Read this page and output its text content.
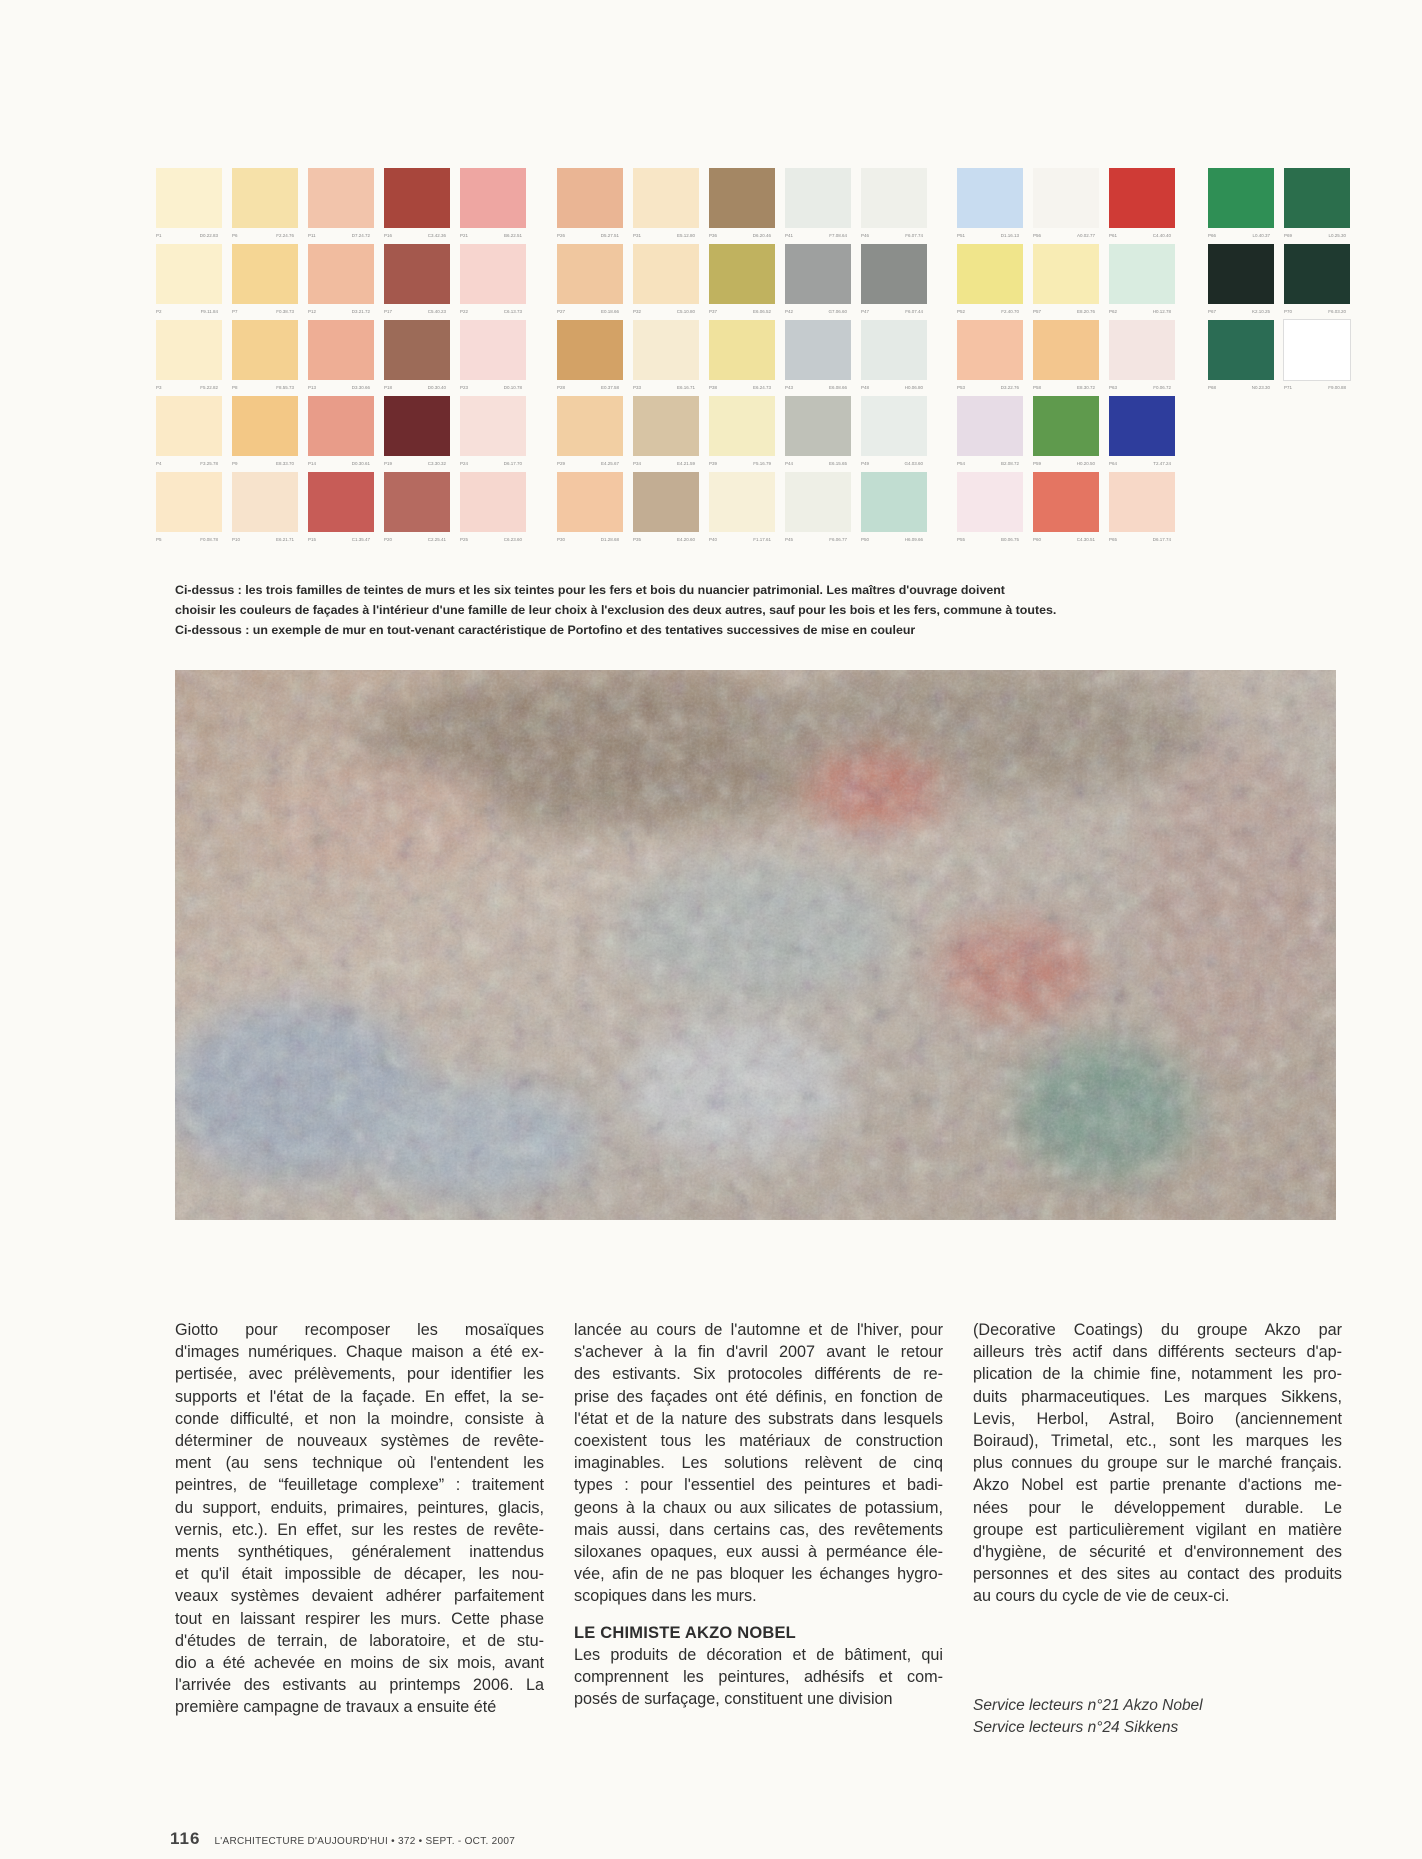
P1	D0.22.83	P6	F2.24.76	P11	D7.24.72	P16	C3.42.36	P21	B6.22.51
P2	F9.11.84	P7	F0.38.73	P12	D3.21.72	P17	C5.40.23	P22	C6.13.73
P3	F5.22.82	P8	F8.55.73	P13	D3.30.66	P18	D0.30.40	P23	D0.10.78
P4	F3.25.78	P9	E8.33.70	P14	D0.30.61	P19	C3.30.32	P24	D6.17.70
P5	F0.08.78	P10	E6.21.71	P15	C1.35.47	P20	C2.25.41	P25	C6.23.60
P26	D5.27.51	P31	E5.12.80	P36	D6.20.46	P41	F7.08.64	P46	F6.07.74
P27	E0.18.66	P32	C5.10.80	P37	E6.06.52	P42	G7.06.60	P47	F6.07.44
P28	E0.37.58	P33	E6.16.71	P38	E6.24.73	P43	E6.08.66	P48	H0.06.80
P29	E4.25.67	P34	E4.21.59	P39	F5.16.79	P44	E6.15.65	P49	G4.03.60
P30	D1.28.68	P35	E4.20.60	P40	F1.17.61	P45	F6.06.77	P50	H6.09.66
P51	D1.16.13	P56	A0.02.77	P61	C4.40.40
P52	F2.40.70	P57	E8.20.76	P62	H0.12.78
P53	D3.22.76	P58	E8.30.72	P63	F0.06.72
P54	B2.08.72	P59	H0.20.50	P64	T2.47.24
P55	B0.06.75	P60	C4.30.51	P65	D6.17.74
P66	L0.40.37	P69	L0.25.30
P67	K2.10.25	P70	F6.03.20
P68	N0.23.30	P71	F9.00.88

Ci-dessus : les trois familles de teintes de murs et les six teintes pour les fers et bois du nuancier patrimonial. Les maîtres d'ouvrage doivent

choisir les couleurs de façades à l'intérieur d'une famille de leur choix à l'exclusion des deux autres, sauf pour les bois et les fers, commune à toutes.

Ci-dessous : un exemple de mur en tout-venant caractéristique de Portofino et des tentatives successives de mise en couleur

Giotto pour recomposer les mosaïques
d'images numériques. Chaque maison a été ex-
pertisée, avec prélèvements, pour identifier les
supports et l'état de la façade. En effet, la se-
conde difficulté, et non la moindre, consiste à
déterminer de nouveaux systèmes de revête-
ment (au sens technique où l'entendent les
peintres, de “feuilletage complexe” : traitement
du support, enduits, primaires, peintures, glacis,
vernis, etc.). En effet, sur les restes de revête-
ments synthétiques, généralement inattendus
et qu'il était impossible de décaper, les nou-
veaux systèmes devaient adhérer parfaitement
tout en laissant respirer les murs. Cette phase
d'études de terrain, de laboratoire, et de stu-
dio a été achevée en moins de six mois, avant
l'arrivée des estivants au printemps 2006. La
première campagne de travaux a ensuite été
lancée au cours de l'automne et de l'hiver, pour
s'achever à la fin d'avril 2007 avant le retour
des estivants. Six protocoles différents de re-
prise des façades ont été définis, en fonction de
l'état et de la nature des substrats dans lesquels
coexistent tous les matériaux de construction
imaginables. Les solutions relèvent de cinq
types : pour l'essentiel des peintures et badi-
geons à la chaux ou aux silicates de potassium,
mais aussi, dans certains cas, des revêtements
siloxanes opaques, eux aussi à perméance éle-
vée, afin de ne pas bloquer les échanges hygro-
scopiques dans les murs.
LE CHIMISTE AKZO NOBEL
Les produits de décoration et de bâtiment, qui
comprennent les peintures, adhésifs et com-
posés de surfaçage, constituent une division
(Decorative Coatings) du groupe Akzo par
ailleurs très actif dans différents secteurs d'ap-
plication de la chimie fine, notamment les pro-
duits pharmaceutiques. Les marques Sikkens,
Levis, Herbol, Astral, Boiro (anciennement
Boiraud), Trimetal, etc., sont les marques les
plus connues du groupe sur le marché français.
Akzo Nobel est partie prenante d'actions me-
nées pour le développement durable. Le
groupe est particulièrement vigilant en matière
d'hygiène, de sécurité et d'environnement des
personnes et des sites au contact des produits
au cours du cycle de vie de ceux-ci.
Service lecteurs n°21 Akzo Nobel
Service lecteurs n°24 Sikkens
116 L'ARCHITECTURE D'AUJOURD'HUI • 372 • SEPT. - OCT. 2007
